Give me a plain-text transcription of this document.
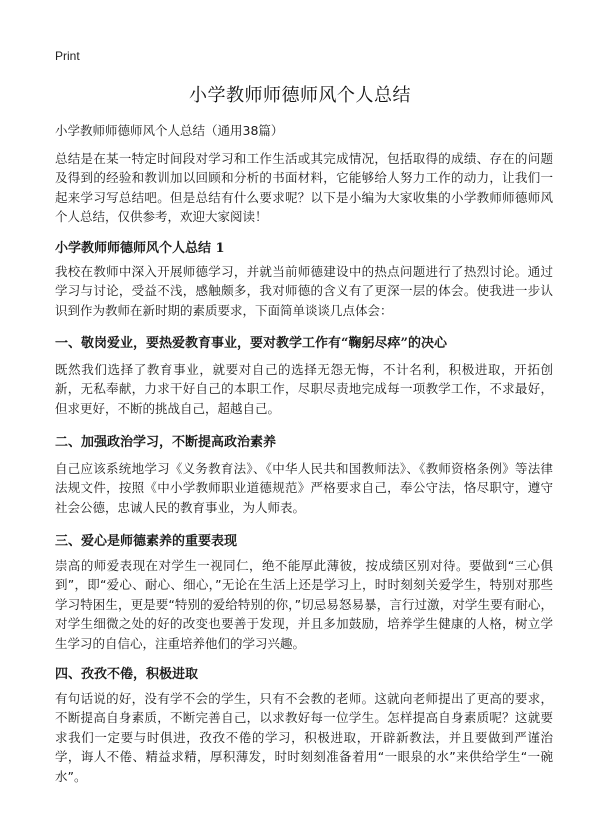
Print
小学教师师德师风个人总结
小学教师师德师风个人总结（通用38篇）
总结是在某一特定时间段对学习和工作生活或其完成情况，包括取得的成绩、存在的问题及得到的经验和教训加以回顾和分析的书面材料，它能够给人努力工作的动力，让我们一起来学习写总结吧。但是总结有什么要求呢？以下是小编为大家收集的小学教师师德师风个人总结，仅供参考，欢迎大家阅读！
小学教师师德师风个人总结 1
我校在教师中深入开展师德学习，并就当前师德建设中的热点问题进行了热烈讨论。通过学习与讨论，受益不浅，感触颇多，我对师德的含义有了更深一层的体会。使我进一步认识到作为教师在新时期的素质要求，下面简单谈谈几点体会：
一、敬岗爱业，要热爱教育事业，要对教学工作有“鞠躬尽瘁”的决心
既然我们选择了教育事业，就要对自己的选择无怨无悔，不计名利，积极进取，开拓创新，无私奉献，力求干好自己的本职工作，尽职尽责地完成每一项教学工作，不求最好，但求更好，不断的挑战自己，超越自己。
二、加强政治学习，不断提高政治素养
自己应该系统地学习《义务教育法》、《中华人民共和国教师法》、《教师资格条例》等法律法规文件，按照《中小学教师职业道德规范》严格要求自己，奉公守法，恪尽职守，遵守社会公德，忠诚人民的教育事业，为人师表。
三、爱心是师德素养的重要表现
崇高的师爱表现在对学生一视同仁，绝不能厚此薄彼，按成绩区别对待。要做到“三心俱到”，即“爱心、耐心、细心，”无论在生活上还是学习上，时时刻刻关爱学生，特别对那些学习特困生，更是要“特别的爱给特别的你，”切忌易怒易暴，言行过激，对学生要有耐心，对学生细微之处的好的改变也要善于发现，并且多加鼓励，培养学生健康的人格，树立学生学习的自信心，注重培养他们的学习兴趣。
四、孜孜不倦，积极进取
有句话说的好，没有学不会的学生，只有不会教的老师。这就向老师提出了更高的要求，不断提高自身素质，不断完善自己，以求教好每一位学生。怎样提高自身素质呢？这就要求我们一定要与时俱进，孜孜不倦的学习，积极进取，开辟新教法，并且要做到严谨治学，诲人不倦、精益求精，厚积薄发，时时刻刻准备着用“一眼泉的水”来供给学生“一碗水”。
